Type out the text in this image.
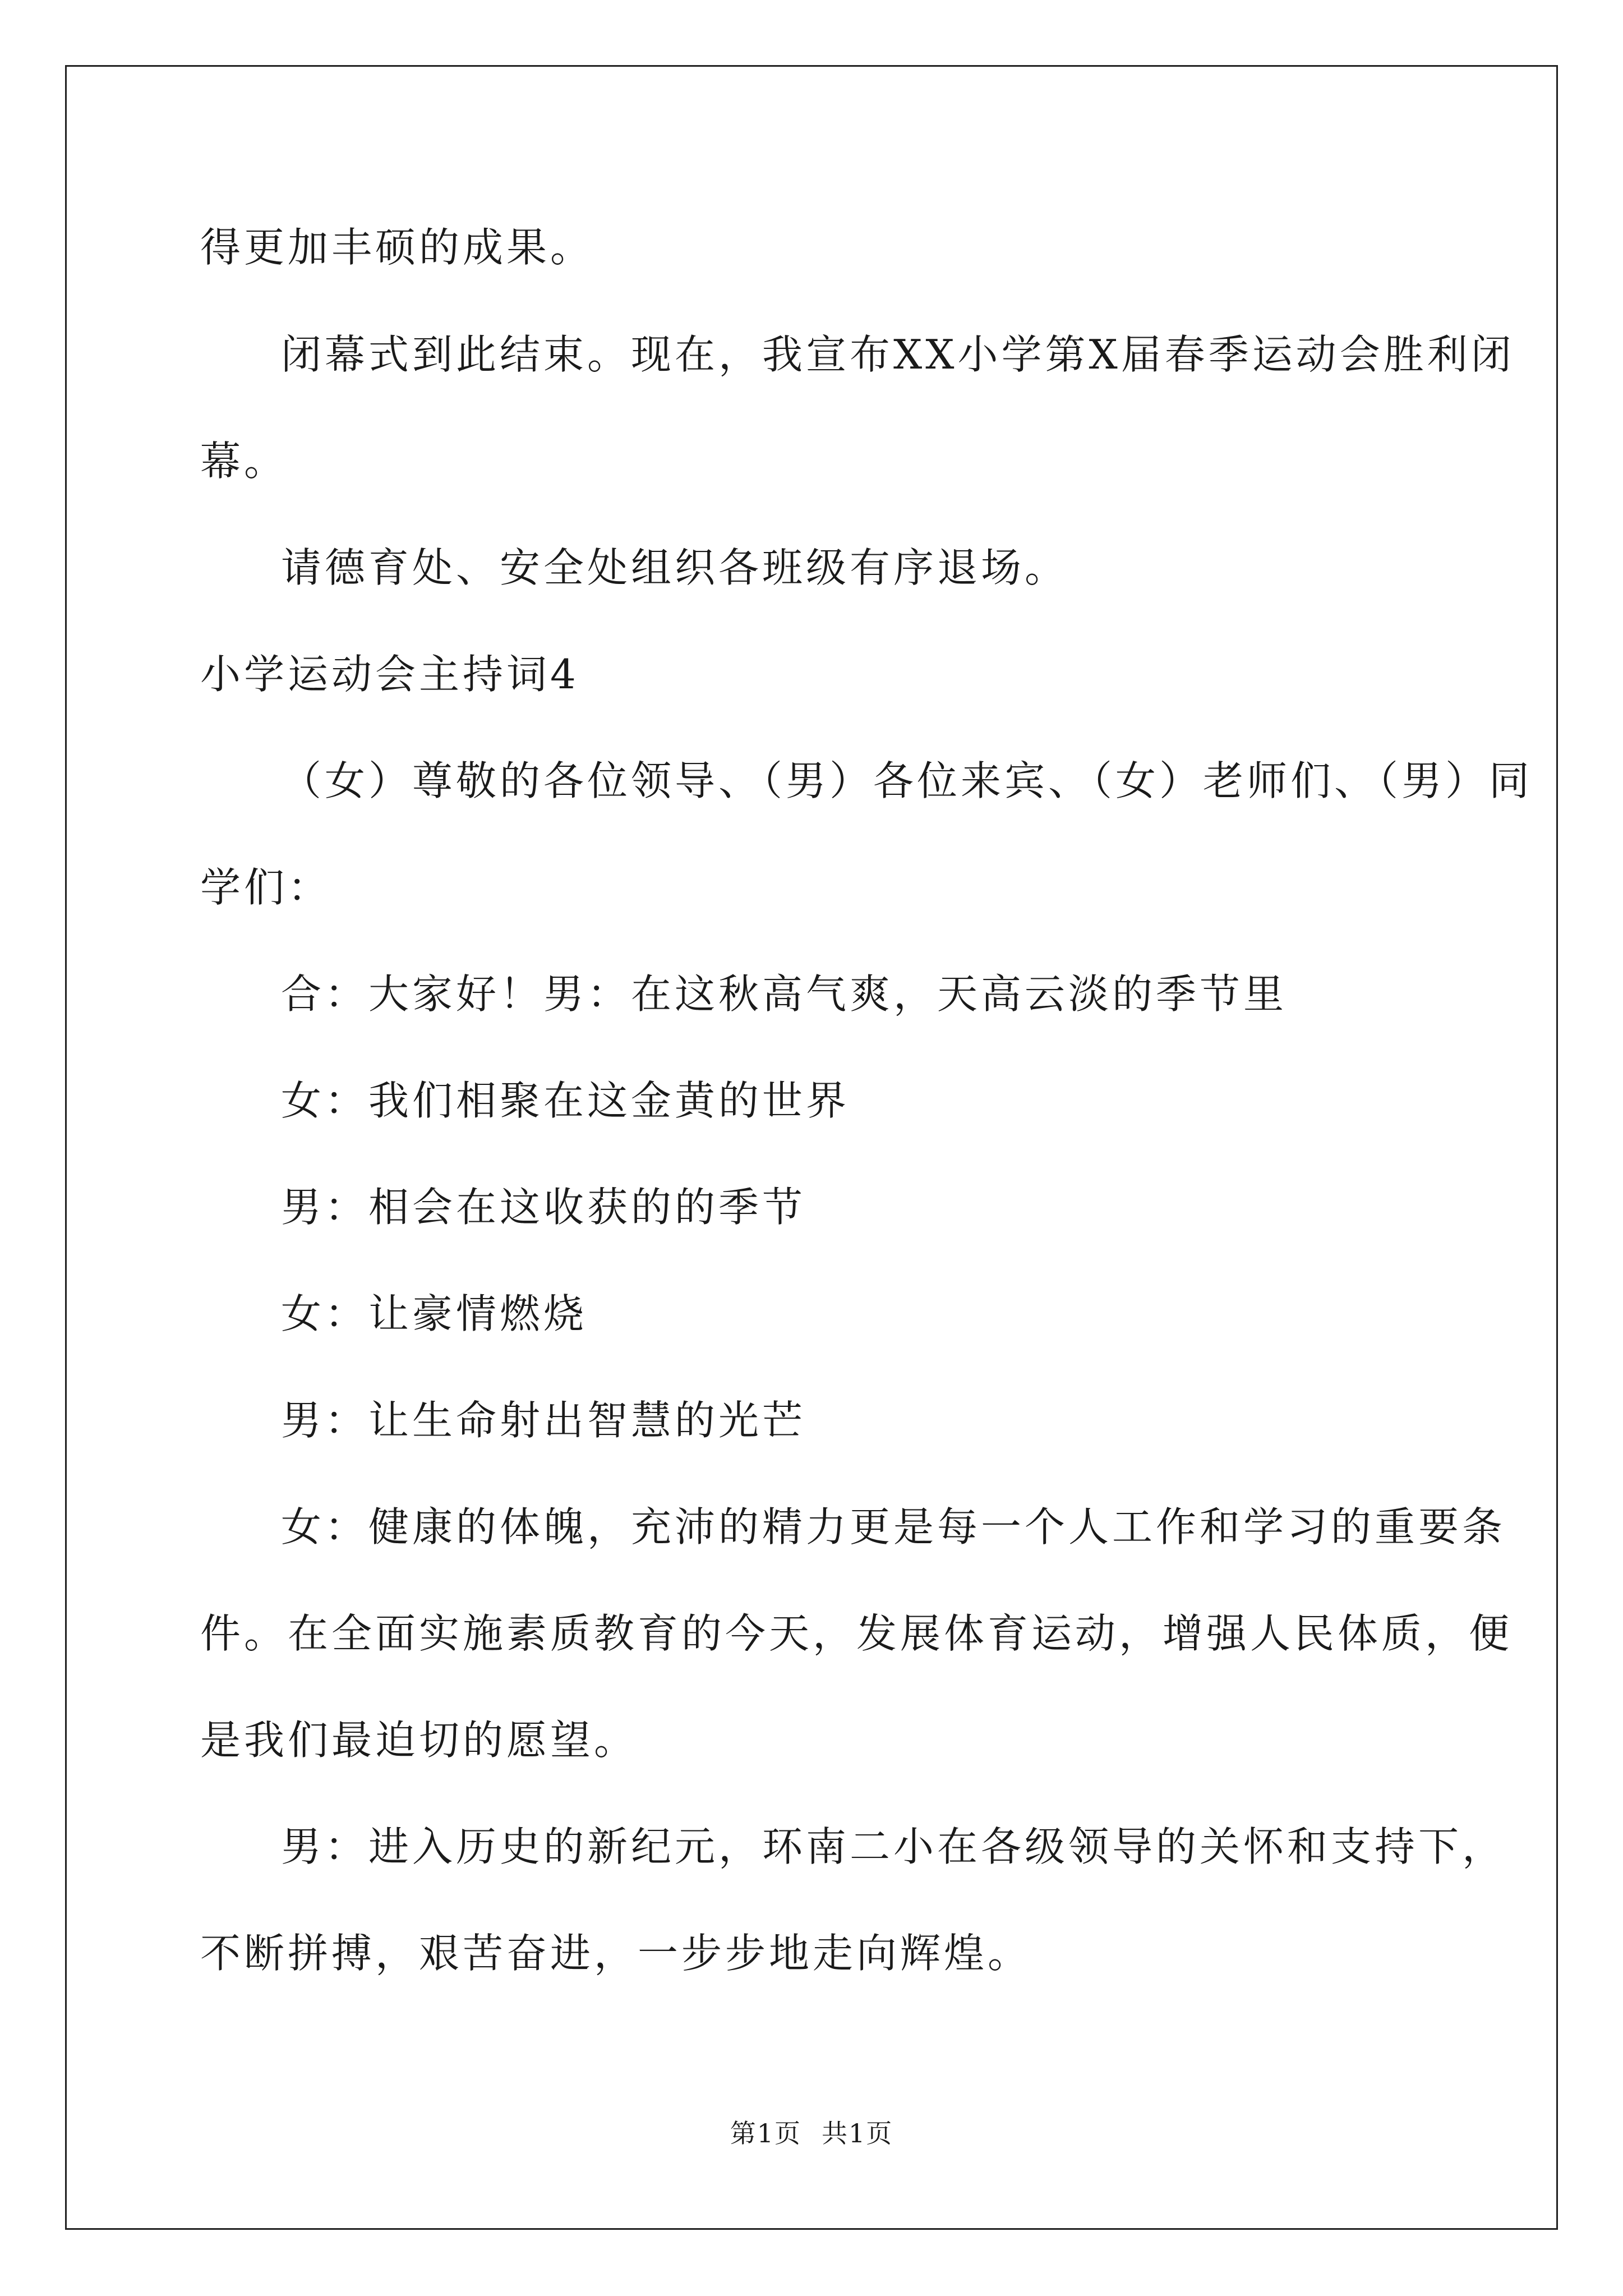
得更加丰硕的成果。
闭幕式到此结束。现在，我宣布XX小学第X届春季运动会胜利闭
幕。
请德育处、安全处组织各班级有序退场。
小学运动会主持词4
（女）尊敬的各位领导、（男）各位来宾、（女）老师们、（男）同
学们：
合：大家好！男：在这秋高气爽，天高云淡的季节里
女：我们相聚在这金黄的世界
男：相会在这收获的的季节
女：让豪情燃烧
男：让生命射出智慧的光芒
女：健康的体魄，充沛的精力更是每一个人工作和学习的重要条
件。在全面实施素质教育的今天，发展体育运动，增强人民体质，便
是我们最迫切的愿望。
男：进入历史的新纪元，环南二小在各级领导的关怀和支持下，
不断拼搏，艰苦奋进，一步步地走向辉煌。
第1页 共1页
